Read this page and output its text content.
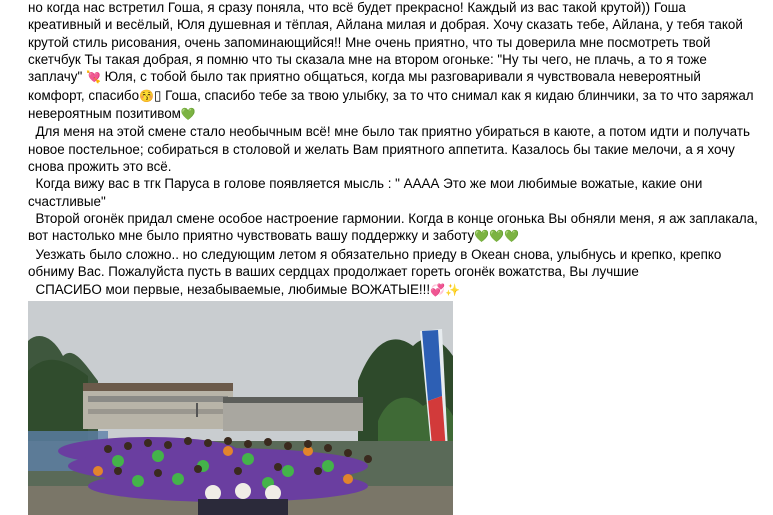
но когда нас встретил Гоша, я сразу поняла, что всё будет прекрасно! Каждый из вас такой крутой)) Гоша креативный и весёлый, Юля душевная и тёплая, Айлана милая и добрая. Хочу сказать тебе, Айлана, у тебя такой крутой стиль рисования, очень запоминающийся!! Мне очень приятно, что ты доверила мне посмотреть твой скетчбук Ты такая добрая, я помню что ты сказала мне на втором огоньке: "Ну ты чего, не плачь, а то я тоже заплачу" 💘 Юля, с тобой было так приятно общаться, когда мы разговаривали я чувствовала невероятный комфорт, спасибо😚▯ Гоша, спасибо тебе за твою улыбку, за то что снимал как я кидаю блинчики, за то что заряжал невероятным позитивом💚

Для меня на этой смене стало необычным всё! мне было так приятно убираться в каюте, а потом идти и получать новое постельное; собираться в столовой и желать Вам приятного аппетита. Казалось бы такие мелочи, а я хочу снова прожить это всё.

Когда вижу вас в тгк Паруса в голове появляется мысль : " АААА Это же мои любимые вожатые, какие они счастливые"

Второй огонёк придал смене особое настроение гармонии. Когда в конце огонька Вы обняли меня, я аж заплакала, вот настолько мне было приятно чувствовать вашу поддержку и заботу💚💚💚

Уезжать было сложно.. но следующим летом я обязательно приеду в Океан снова, улыбнусь и крепко, крепко обниму Вас. Пожалуйста пусть в ваших сердцах продолжает гореть огонёк вожатства, Вы лучшие

СПАСИБО мои первые, незабываемые, любимые ВОЖАТЫЕ!!!💞✨
